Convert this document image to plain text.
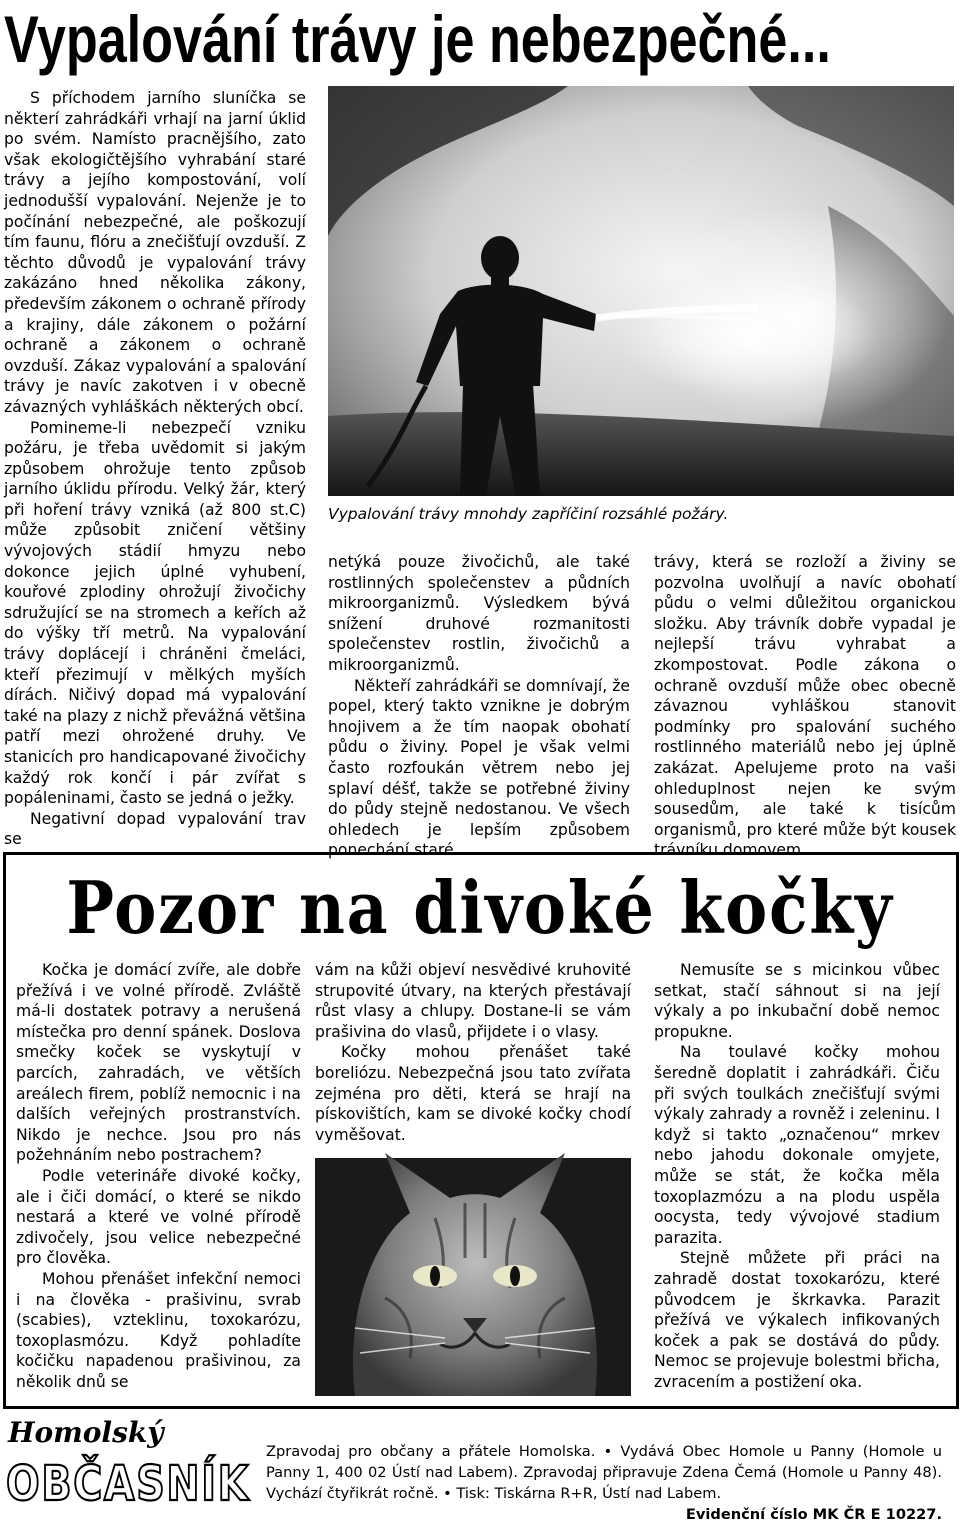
Vypalování trávy je nebezpečné...

S příchodem jarního sluníčka se některí zahrádkáři vrhají na jarní úklid po svém. Namísto pracnějšího, zato však ekologičtějšího vyhrabání staré trávy a jejího kompostování, volí jednodušší vypalování. Nejenže je to počínání nebezpečné, ale poškozují tím faunu, flóru a znečišťují ovzduší. Z těchto důvodů je vypalování trávy zakázáno hned několika zákony, především zákonem o ochraně přírody a krajiny, dále zákonem o požární ochraně a zákonem o ochraně ovzduší. Zákaz vypalování a spalování trávy je navíc zakotven i v obecně závazných vyhláškách některých obcí.

Pomineme-li nebezpečí vzniku požáru, je třeba uvědomit si jakým způsobem ohrožuje tento způsob jarního úklidu přírodu. Velký žár, který při hoření trávy vzniká (až 800 st.C) může způsobit zničení většiny vývojových stádií hmyzu nebo dokonce jejich úplné vyhubení, kouřové zplodiny ohrožují živočichy sdružující se na stromech a keřích až do výšky tří metrů. Na vypalování trávy doplácejí i chráněni čmeláci, kteří přezimují v mělkých myších dírách. Ničivý dopad má vypalování také na plazy z nichž převážná většina patří mezi ohrožené druhy. Ve stanicích pro handicapované živočichy každý rok končí i pár zvířat s popáleninami, často se jedná o ježky.

Negativní dopad vypalování trav se

Vypalování trávy mnohdy zapříčiní rozsáhlé požáry.

netýká pouze živočichů, ale také rostlinných společenstev a půdních mikroorganizmů. Výsledkem bývá snížení druhové rozmanitosti společenstev rostlin, živočichů a mikroorganizmů.

Někteří zahrádkáři se domnívají, že popel, který takto vznikne je dobrým hnojivem a že tím naopak obohatí půdu o živiny. Popel je však velmi často rozfoukán větrem nebo jej splaví déšť, takže se potřebné živiny do půdy stejně nedostanou. Ve všech ohledech je lepším způsobem ponechání staré

trávy, která se rozloží a živiny se pozvolna uvolňují a navíc obohatí půdu o velmi důležitou organickou složku. Aby trávník dobře vypadal je nejlepší trávu vyhrabat a zkompostovat. Podle zákona o ochraně ovzduší může obec obecně závaznou vyhláškou stanovit podmínky pro spalování suchého rostlinného materiálů nebo jej úplně zakázat. Apelujeme proto na vaši ohleduplnost nejen ke svým sousedům, ale také k tisícům organismů, pro které může být kousek trávníku domovem.

Pozor na divoké kočky

Kočka je domácí zvíře, ale dobře přežívá i ve volné přírodě. Zvláště má-li dostatek potravy a nerušená místečka pro denní spánek. Doslova smečky koček se vyskytují v parcích, zahradách, ve větších areálech firem, poblíž nemocnic i na dalších veřejných prostranstvích. Nikdo je nechce. Jsou pro nás požehnáním nebo postrachem?

Podle veterináře divoké kočky, ale i čiči domácí, o které se nikdo nestará a které ve volné přírodě zdivočely, jsou velice nebezpečné pro člověka.

Mohou přenášet infekční nemoci i na člověka - prašivinu, svrab (scabies), vzteklinu, toxokarózu, toxoplasmózu. Když pohladíte kočičku napadenou prašivinou, za několik dnů se

vám na kůži objeví nesvědivé kruhovité strupovité útvary, na kterých přestávají růst vlasy a chlupy. Dostane-li se vám prašivina do vlasů, přijdete i o vlasy.

Kočky mohou přenášet také boreliózu. Nebezpečná jsou tato zvířata zejména pro děti, která se hrají na pískovištích, kam se divoké kočky chodí vyměšovat.

Nemusíte se s micinkou vůbec setkat, stačí sáhnout si na její výkaly a po inkubační době nemoc propukne.

Na toulavé kočky mohou šeredně doplatit i zahrádkáři. Čiču při svých toulkách znečišťují svými výkaly zahrady a rovněž i zeleninu. I když si takto „označenou“ mrkev nebo jahodu dokonale omyjete, může se stát, že kočka měla toxoplazmózu a na plodu uspěla oocysta, tedy vývojové stadium parazita.

Stejně můžete při práci na zahradě dostat toxokarózu, které původcem je škrkavka. Parazit přežívá ve výkalech infikovaných koček a pak se dostává do půdy. Nemoc se projevuje bolestmi břicha, zvracením a postižení oka.

Homolský
OBČASNÍK
Zpravodaj pro občany a přátele Homolska. • Vydává Obec Homole u Panny (Homole u Panny 1, 400 02 Ústí nad Labem). Zpravodaj připravuje Zdena Čemá (Homole u Panny 48). Vychází čtyřikrát ročně. • Tisk: Tiskárna R+R, Ústí nad Labem.
Evidenční číslo MK ČR E 10227.
